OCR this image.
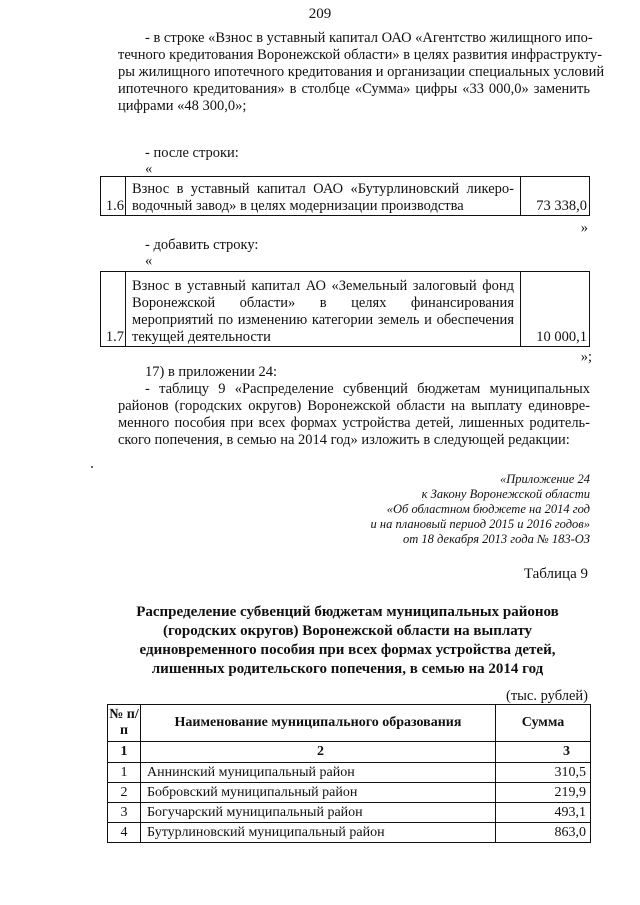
209
- в строке «Взнос в уставный капитал ОАО «Агентство жилищного ипо-
течного кредитования Воронежской области» в целях развития инфраструкту-
ры жилищного ипотечного кредитования и организации специальных условий
ипотечного кредитования» в столбце «Сумма» цифры «33 000,0» заменить
цифрами «48 300,0»;
- после строки:
«
1.6	Взнос в уставный капитал ОАО «Бутурлиновский ликеро-водочный завод» в целях модернизации производства	73 338,0
»
- добавить строку:
«
1.7	Взнос в уставный капитал АО «Земельный залоговый фонд Воронежской области» в целях финансирования мероприятий по изменению категории земель и обеспечения текущей деятельности	10 000,1
»;
17) в приложении 24:
- таблицу 9 «Распределение субвенций бюджетам муниципальных
районов (городских округов) Воронежской области на выплату единовре-
менного пособия при всех формах устройства детей, лишенных родитель-
ского попечения, в семью на 2014 год» изложить в следующей редакции:
«Приложение 24
к Закону Воронежской области
«Об областном бюджете на 2014 год
и на плановый период 2015 и 2016 годов»
от 18 декабря 2013 года № 183-ОЗ
Таблица 9
Распределение субвенций бюджетам муниципальных районов
(городских округов) Воронежской области на выплату
единовременного пособия при всех формах устройства детей,
лишенных родительского попечения, в семью на 2014 год
(тыс. рублей)
№ п/п	Наименование муниципального образования	Сумма
1	2	3
1	Аннинский муниципальный район	310,5
2	Бобровский муниципальный район	219,9
3	Богучарский муниципальный район	493,1
4	Бутурлиновский муниципальный район	863,0
